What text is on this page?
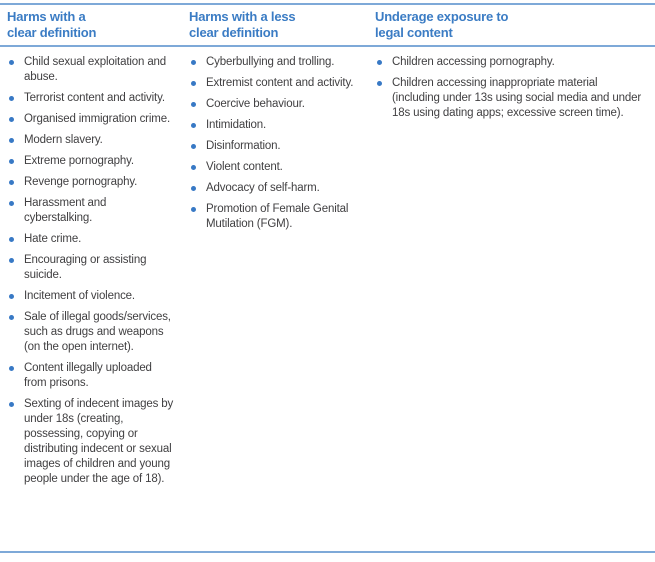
Harms with a
clear definition
Child sexual exploitation and abuse.
Terrorist content and activity.
Organised immigration crime.
Modern slavery.
Extreme pornography.
Revenge pornography.
Harassment and cyberstalking.
Hate crime.
Encouraging or assisting suicide.
Incitement of violence.
Sale of illegal goods/services, such as drugs and weapons (on the open internet).
Content illegally uploaded from prisons.
Sexting of indecent images by under 18s (creating, possessing, copying or distributing indecent or sexual images of children and young people under the age of 18).
Harms with a less
clear definition
Cyberbullying and trolling.
Extremist content and activity.
Coercive behaviour.
Intimidation.
Disinformation.
Violent content.
Advocacy of self-harm.
Promotion of Female Genital Mutilation (FGM).
Underage exposure to
legal content
Children accessing pornography.
Children accessing inappropriate material (including under 13s using social media and under 18s using dating apps; excessive screen time).
